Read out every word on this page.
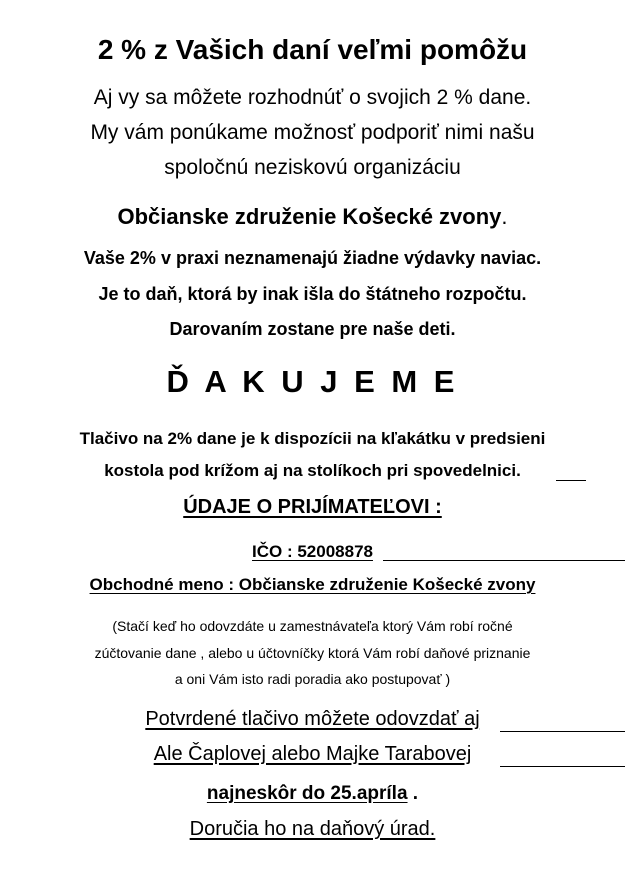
2 % z Vašich daní veľmi pomôžu
Aj vy sa môžete rozhodnúť o svojich 2 % dane.
My vám ponúkame možnosť podporiť nimi našu
spoločnú neziskovú organizáciu
Občianske združenie Košecké zvony.
Vaše 2% v praxi neznamenajú žiadne výdavky naviac.
Je to daň, ktorá by inak išla do štátneho rozpočtu.
Darovaním zostane pre naše deti.
Ď A K U J E M E
Tlačivo na 2% dane je k dispozícii na kľakátku v predsieni
kostola pod krížom aj na stolíkoch pri spovedelnici.
ÚDAJE O PRIJÍMATEĽOVI :
IČO : 52008878
Obchodné meno : Občianske združenie Košecké zvony
(Stačí keď ho odovzdáte u zamestnávateľa ktorý Vám robí ročné
zúčtovanie dane , alebo u účtovníčky ktorá Vám robí daňové priznanie
a oni Vám isto radi poradia ako postupovať )
Potvrdené tlačivo môžete odovzdať aj
Ale Čaplovej alebo Majke Tarabovej
najneskôr do 25.apríla .
Doručia ho na daňový úrad.
